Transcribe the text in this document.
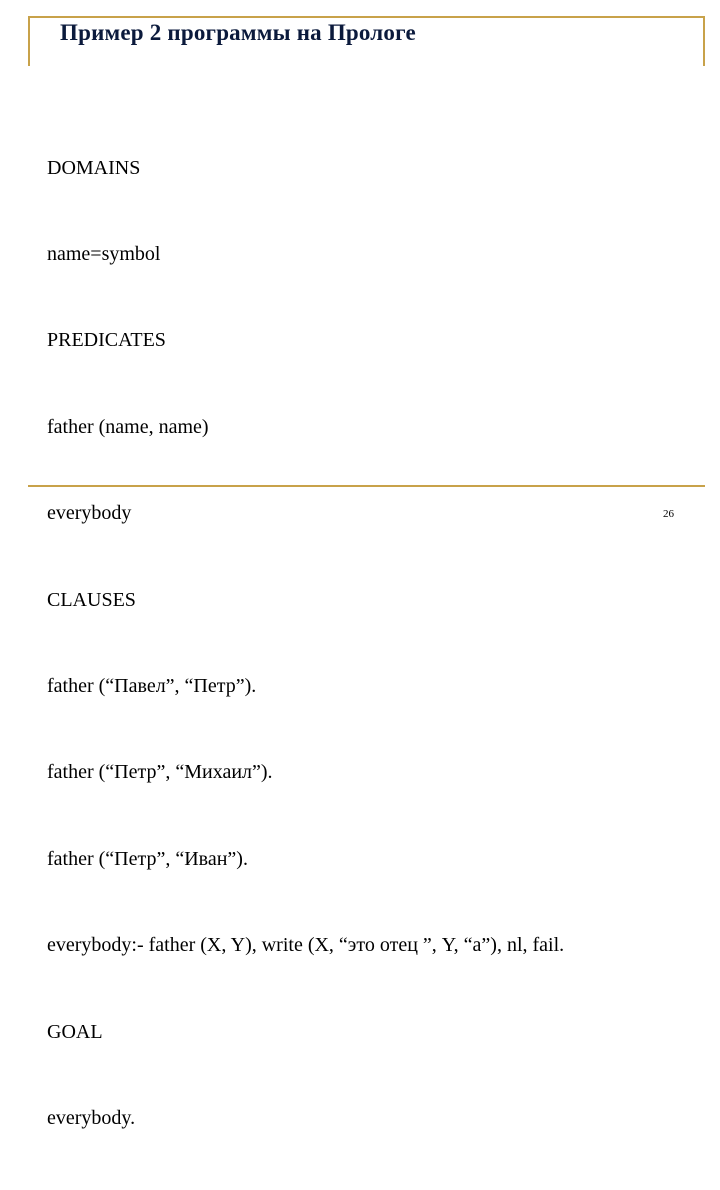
Пример 2 программы на Прологе

DOMAINS

name=symbol

PREDICATES

father (name, name)

everybody

CLAUSES

father (“Павел”, “Петр”).

father (“Петр”, “Михаил”).

father (“Петр”, “Иван”).

everybody:- father (X, Y), write (X, “это отец ”, Y, “a”), nl, fail.

GOAL

everybody.

26
